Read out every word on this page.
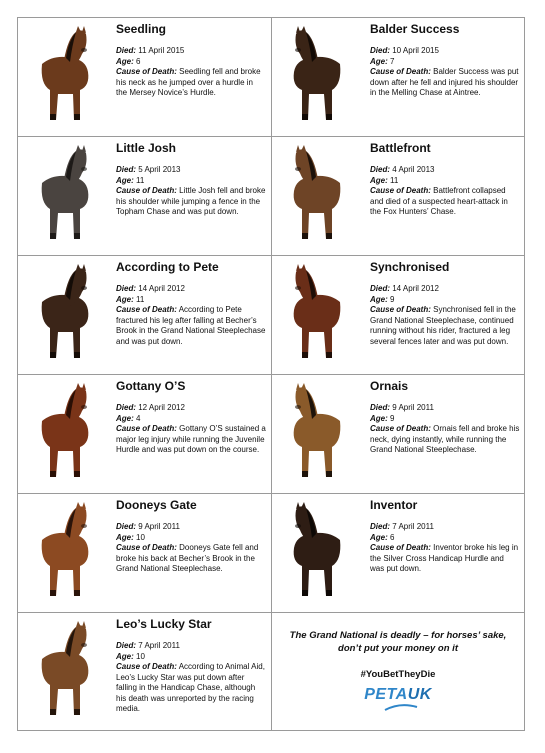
Seedling
Died: 11 April 2015
Age: 6
Cause of Death: Seedling fell and broke his neck as he jumped over a hurdle in the Mersey Novice’s Hurdle.
Balder Success
Died: 10 April 2015
Age: 7
Cause of Death: Balder Success was put down after he fell and injured his shoulder in the Melling Chase at Aintree.
Little Josh
Died: 5 April 2013
Age: 11
Cause of Death: Little Josh fell and broke his shoulder while jumping a fence in the Topham Chase and was put down.
Battlefront
Died: 4 April 2013
Age: 11
Cause of Death: Battlefront collapsed and died of a suspected heart-attack in the Fox Hunters’ Chase.
According to Pete
Died: 14 April 2012
Age: 11
Cause of Death: According to Pete fractured his leg after falling at Becher’s Brook in the Grand National Steeplechase and was put down.
Synchronised
Died: 14 April 2012
Age: 9
Cause of Death: Synchronised fell in the Grand National Steeplechase, continued running without his rider, fractured a leg several fences later and was put down.
Gottany O’S
Died: 12 April 2012
Age: 4
Cause of Death: Gottany O’S sustained a major leg injury while running the Juvenile Hurdle and was put down on the course.
Ornais
Died: 9 April 2011
Age: 9
Cause of Death: Ornais fell and broke his neck, dying instantly, while running the Grand National Steeplechase.
Dooneys Gate
Died: 9 April 2011
Age: 10
Cause of Death: Dooneys Gate fell and broke his back at Becher’s Brook in the Grand National Steeplechase.
Inventor
Died: 7 April 2011
Age: 6
Cause of Death: Inventor broke his leg in the Silver Cross Handicap Hurdle and was put down.
Leo’s Lucky Star
Died: 7 April 2011
Age: 10
Cause of Death: According to Animal Aid, Leo’s Lucky Star was put down after falling in the Handicap Chase, although his death was unreported by the racing media.
The Grand National is deadly – for horses’ sake,
don’t put your money on it
#YouBetTheyDie
PETAUK
